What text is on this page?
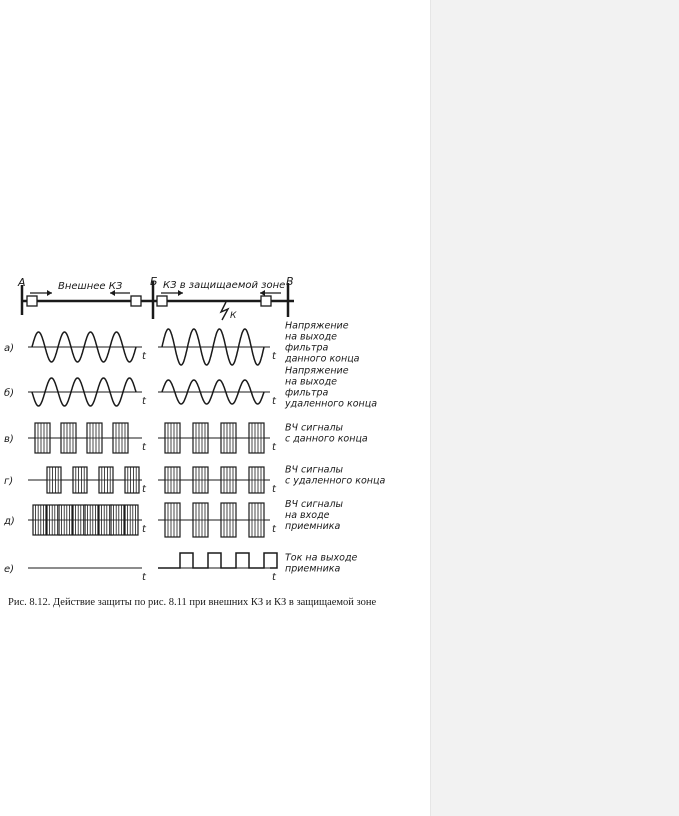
А	Б	В
Внешнее КЗ	КЗ в защищаемой зоне
К
а)
t	t
Напряжение
на выходе
фильтра
данного конца
б)
t	t
Напряжение
на выходе
фильтра
удаленного конца
в)
t	t
ВЧ сигналы
с данного конца
г)
t	t
ВЧ сигналы
с удаленного конца
д)
t	t
ВЧ сигналы
на входе
приемника
е)
t	t
Ток на выходе
приемника
Рис. 8.12. Действие защиты по рис. 8.11 при внешних КЗ и КЗ в защищаемой зоне
